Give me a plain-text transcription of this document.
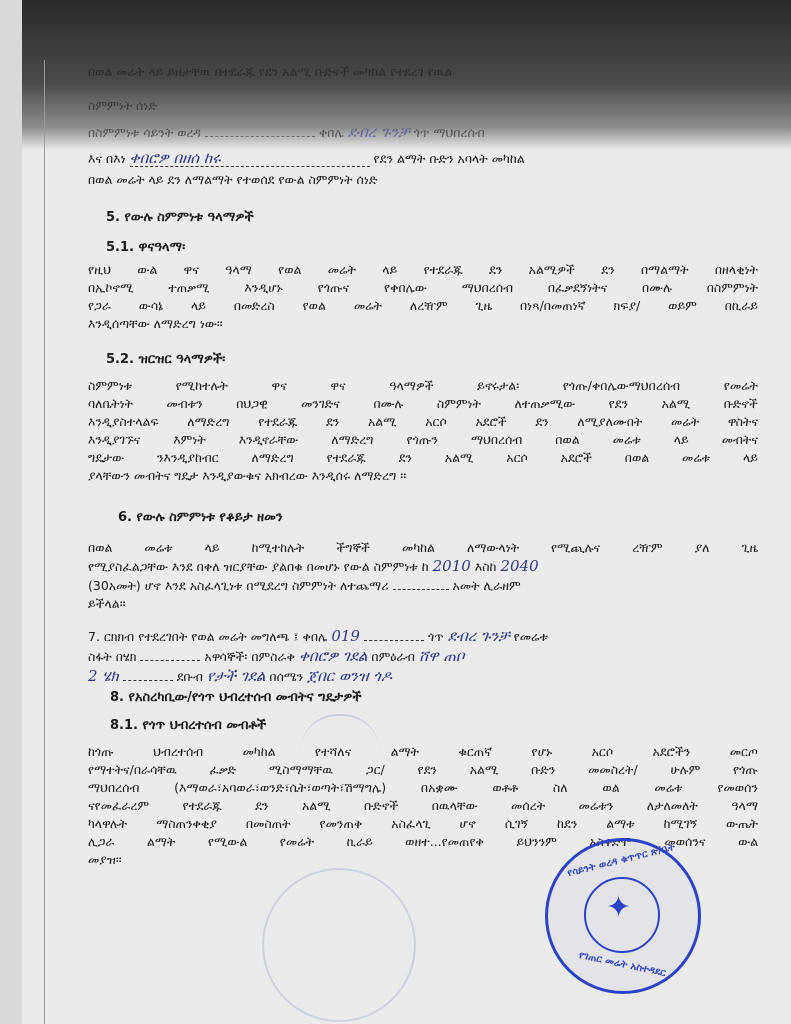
በወል መሬት ላይ ይዘታቸዉ በተደራጁ የደን አልሚ ቡድኖች መካከል የተደረገ የዉል
ስምምነት ሰነድ
በስምምነቱ ሳይንት ወረዳ	ቀበሌ ደብረ ጉንቻ ጎጥ ማህበረሰብ
እና በእነ ቀበሮዎ በዘሰ ከሩ	የደን ልማት ቡድን አባላት መካከል
በወል መሬት ላይ ደን ለማልማት የተወሰደ የውል ስምምነት ሰነድ
5. የውሉ ስምምነቱ ዓላማዎች
5.1. ዋናዓላማ፡
የዚህ ውል ዋና ዓላማ የወል መሬት ላይ የተደራጁ ደን አልሚዎች ደን በማልማት በዘላቂነት
በኢኮኖሚ ተጠቃሚ እንዲሆኑ የጎጡና የቀበሌው ማህበረሰብ በፈቃደኝነትና በሙሉ በስምምነት
የጋራ ውሳኔ ላይ በመድረስ የወል መሬት ለረዥም ጊዜ በነጻ/በመጠነኛ ክፍያ/ ወይም በኪራይ
እንዲሰጣቸው ለማድረግ ነው፡፡
5.2. ዝርዝር ዓላማዎች፡
ስምምነቱ የሚከተሉት ዋና ዋና ዓላማዎች ይኖሩታል፡ የጎጡ/ቀበሌውማህበረሰብ የመሬት
ባለቤትነት መብቱን በህጋዊ መንገድና በሙሉ ስምምነት ለተጠቃሚው የደን አልሚ ቡድኖች
እንዲያስተላልፍ ለማድረግ የተደራጁ ደን አልሚ አርሶ አደሮች ደን ለሚያለሙበት መሬት ዋስትና
እንዲያገኙና እምነት እንዲኖራቸው ለማድረግ የጎጡን ማህበረሰብ በወል መሬቱ ላይ መብትና
ግዴታው ንእንዲያከብር ለማድረግ የተደራጁ ደን አልሚ አርሶ አደሮች በወል መሬቱ ላይ
ያላቸውን መብትና ግዴታ እንዲያውቁና አክብረው እንዲሰሩ ለማድረግ ፡፡
6. የውሉ ስምምነቱ የቆይታ ዘመን
በወል መሬቱ ላይ ከሚተከሉት ችግኞች መካከል ለማውላነት የሚጪሉና ረዥም ያለ ጊዜ
የሚያስፈልጋቸው እንደ በቀለ ዝርያቸው ያልበቁ በመሆኑ የውል ስምምነቱ ከ 2010 እስከ 2040
(30አመት) ሆኖ እንደ አስፈላጊነቱ በሚደረግ ስምምነት ለተጨማሪ	አመት ሊራዘም
ይችላል፡፡
7. ርክክብ የተደረገበት የወል መሬት መግለጫ ፤ ቀበሌ 019	ጎጥ ደብረ ጉንቻ የመሬቱ
ስፋት በሄክ	አዋሳኞች፡ በምስራቅ ቀበሮዎ ገደል በምዕራብ ሸዋ ጠቦ
2 ሄክ	ደቡብ የታች ገደል በሰሜን ጀበር ወንዝ ጎዶ
8. የአስረካቢው/የጎጥ ህብረተሰብ መብትና ግዴታዎች
8.1. የጎጥ ህብረተሰብ መብቶች
ከጎጡ ህብረተሰብ መካከል የተሻለና ልማት ቁርጠኛ የሆኑ አርሶ አደሮችን መርጦ
የማተትና/በራሳቸዉ ፈቃድ ሚስማማቸዉ ጋር/ የደን አልሚ ቡድን መመስረት/ ሁሉም የጎጡ
ማህበረሰብ (እማወራ፣አባወራ፣ወንድ፣ሴት፣ወጣት፣ሽማግሌ) በአቋሙ ወቶቶ ስለ ወል መሬቱ የመወሰን
ናየመፈራረም የተደራጁ ደን አልሚ ቡድኖች በዉላቸው መሰረት መሬቱን ለታለመለት ዓላማ
ካላዋሉት ማስጠንቀቂያ በመስጠት የመንጠቅ አስፈላጊ ሆኖ ሲገኝ ከደን ልማቱ ከሚገኝ ውጤት
ሊጋራ ልማት የሚውል የመሬት ኪራይ ወዘተ...የመጠየቅ ይህንንም አስቀድሞ መወሰንና ውል
መያዝ፡፡
✦
የሳይንት ወረዳ ቁጥጥር ጽ/ቤት
የገጠር መሬት አስተዳደር
